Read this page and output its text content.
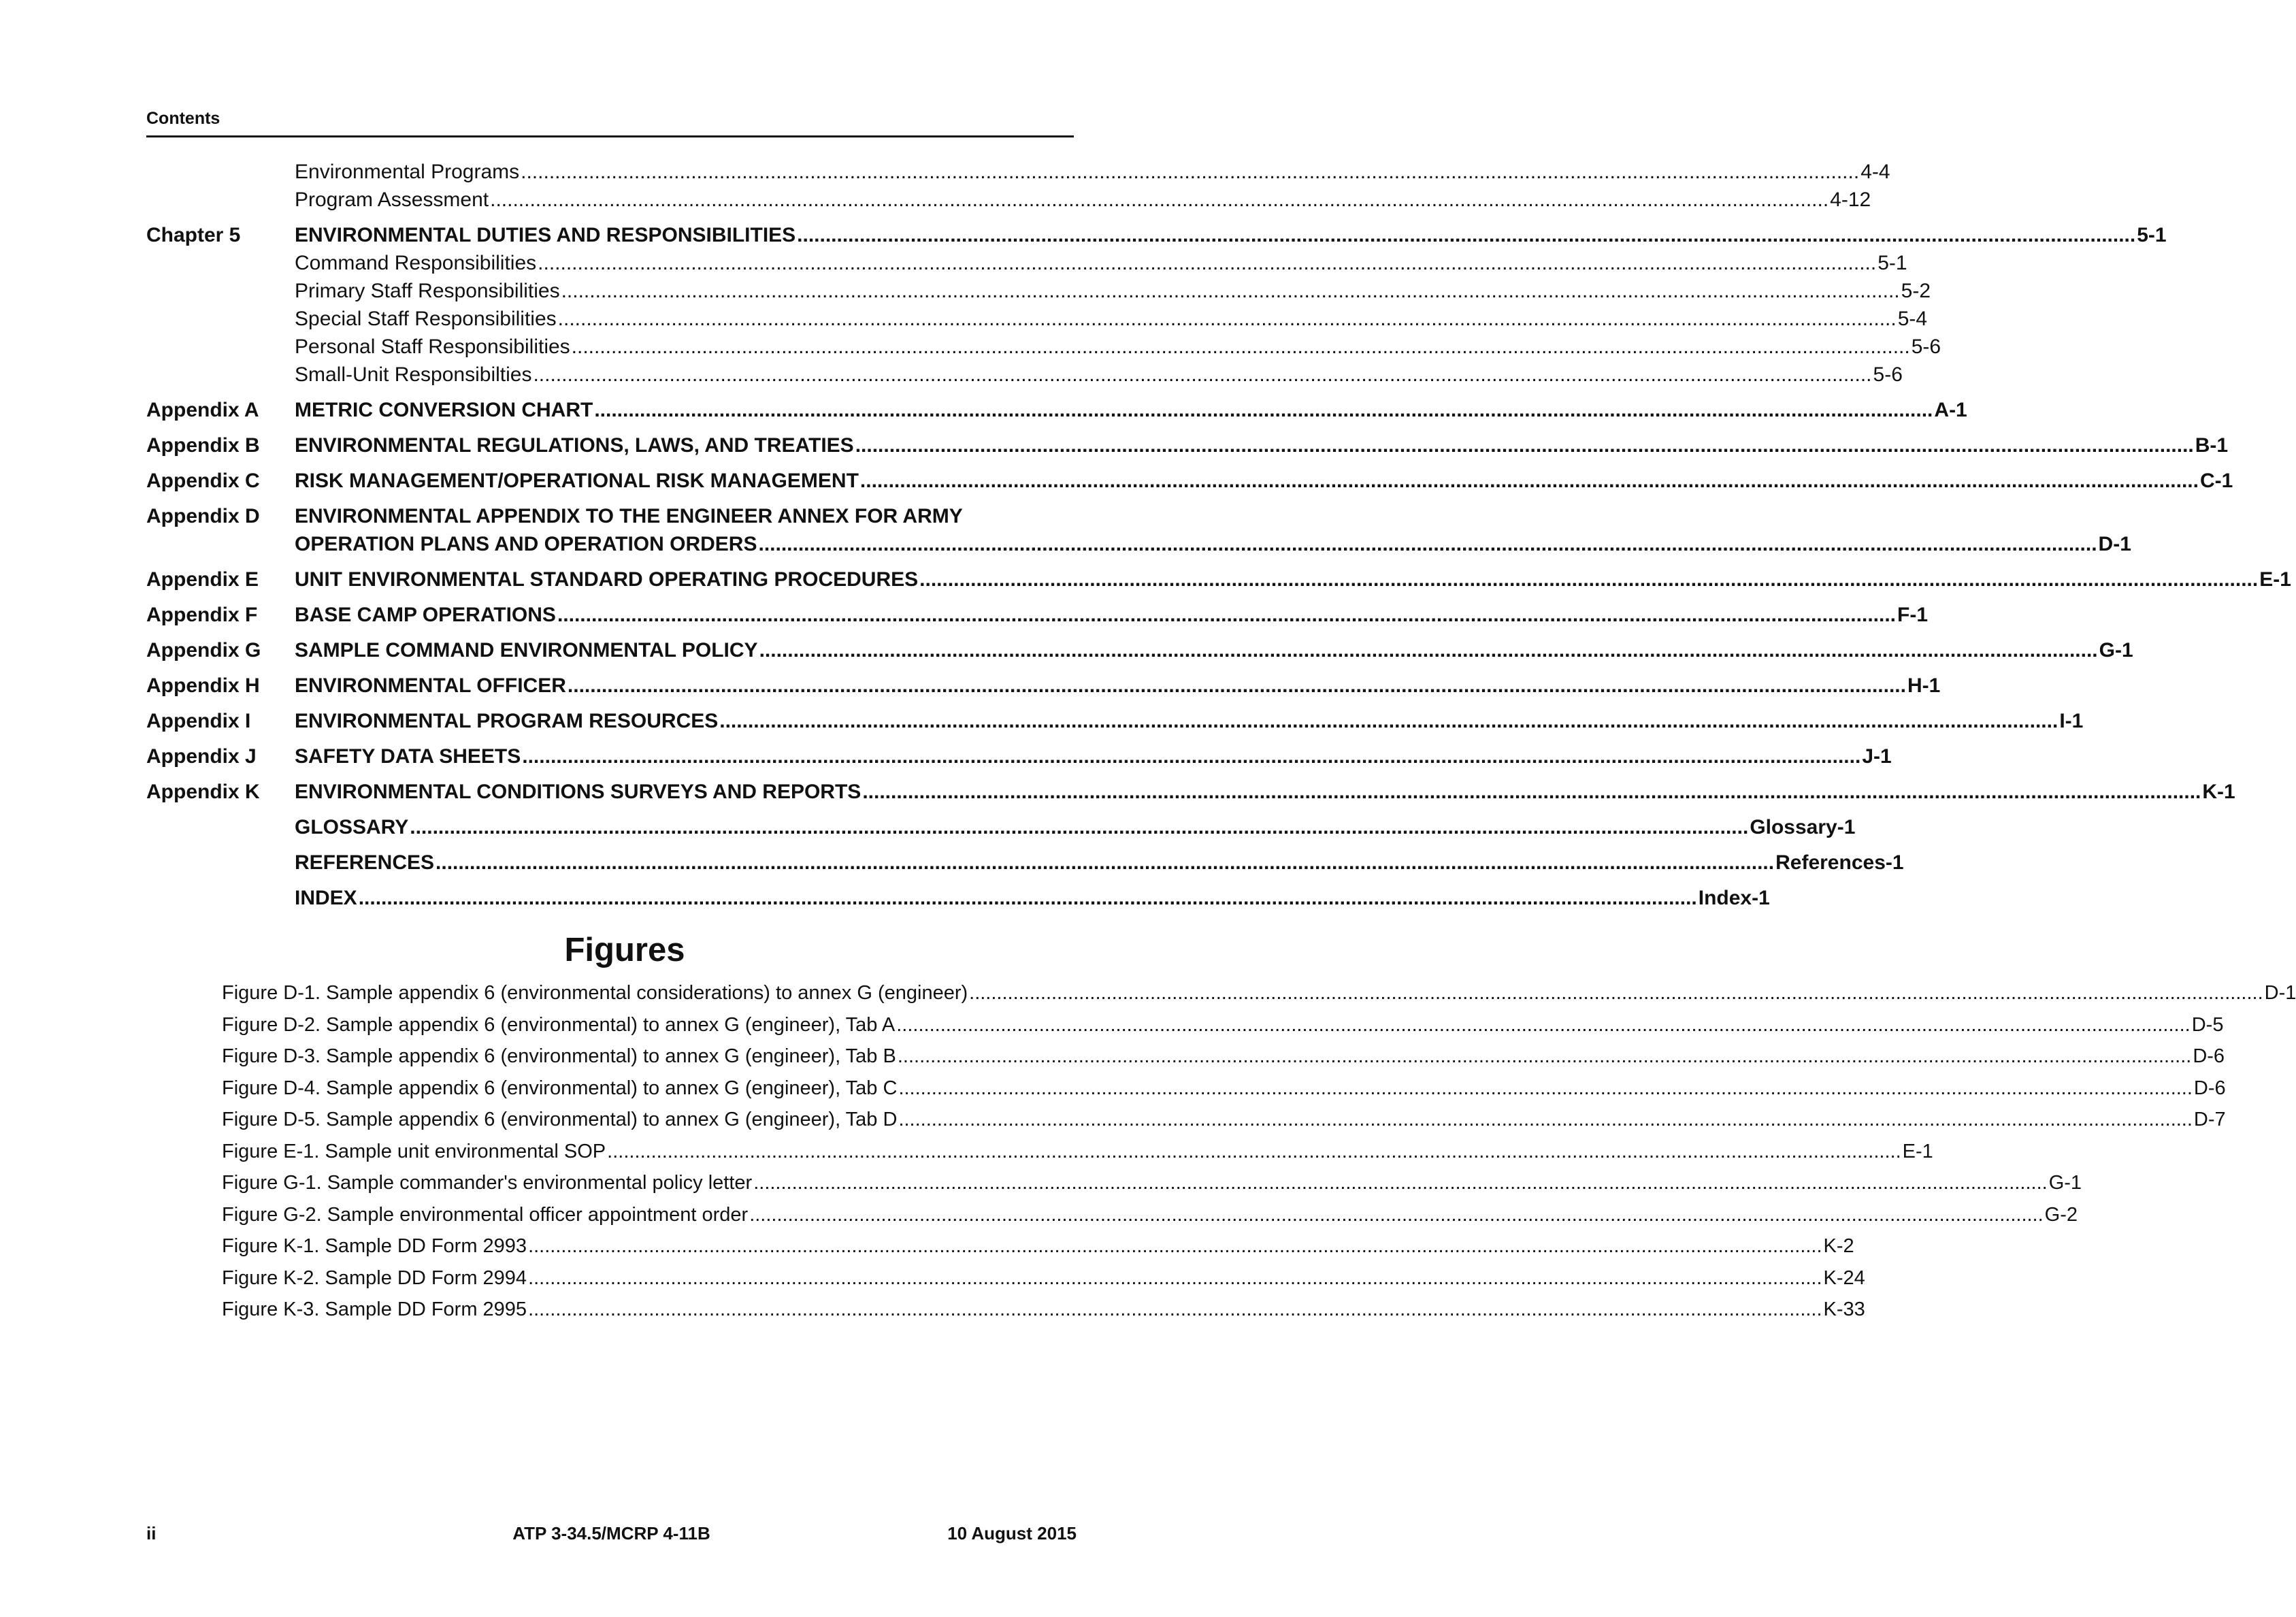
Contents
Environmental Programs .....	4-4
Program Assessment .....	4-12
Chapter 5	ENVIRONMENTAL DUTIES AND RESPONSIBILITIES .....	5-1
Command Responsibilities .....	5-1
Primary Staff Responsibilities .....	5-2
Special Staff Responsibilities .....	5-4
Personal Staff Responsibilities .....	5-6
Small-Unit Responsibilties .....	5-6
Appendix A	METRIC CONVERSION CHART .....	A-1
Appendix B	ENVIRONMENTAL REGULATIONS, LAWS, AND TREATIES .....	B-1
Appendix C	RISK MANAGEMENT/OPERATIONAL RISK MANAGEMENT .....	C-1
Appendix D	ENVIRONMENTAL APPENDIX TO THE ENGINEER ANNEX FOR ARMY
OPERATION PLANS AND OPERATION ORDERS .....	D-1
Appendix E	UNIT ENVIRONMENTAL STANDARD OPERATING PROCEDURES .....	E-1
Appendix F	BASE CAMP OPERATIONS .....	F-1
Appendix G	SAMPLE COMMAND ENVIRONMENTAL POLICY .....	G-1
Appendix H	ENVIRONMENTAL OFFICER .....	H-1
Appendix I	ENVIRONMENTAL PROGRAM RESOURCES .....	I-1
Appendix J	SAFETY DATA SHEETS .....	J-1
Appendix K	ENVIRONMENTAL CONDITIONS SURVEYS AND REPORTS .....	K-1
GLOSSARY .....	Glossary-1
REFERENCES .....	References-1
INDEX .....	Index-1
Figures
Figure D-1. Sample appendix 6 (environmental considerations) to annex G (engineer) .....	D-1
Figure D-2. Sample appendix 6 (environmental) to annex G (engineer), Tab A .....	D-5
Figure D-3. Sample appendix 6 (environmental) to annex G (engineer), Tab B .....	D-6
Figure D-4. Sample appendix 6 (environmental) to annex G (engineer), Tab C .....	D-6
Figure D-5. Sample appendix 6 (environmental) to annex G (engineer), Tab D .....	D-7
Figure E-1. Sample unit environmental SOP .....	E-1
Figure G-1. Sample commander's environmental policy letter .....	G-1
Figure G-2. Sample environmental officer appointment order .....	G-2
Figure K-1. Sample DD Form 2993 .....	K-2
Figure K-2. Sample DD Form 2994 .....	K-24
Figure K-3. Sample DD Form 2995 .....	K-33
ii	ATP 3-34.5/MCRP 4-11B	10 August 2015
